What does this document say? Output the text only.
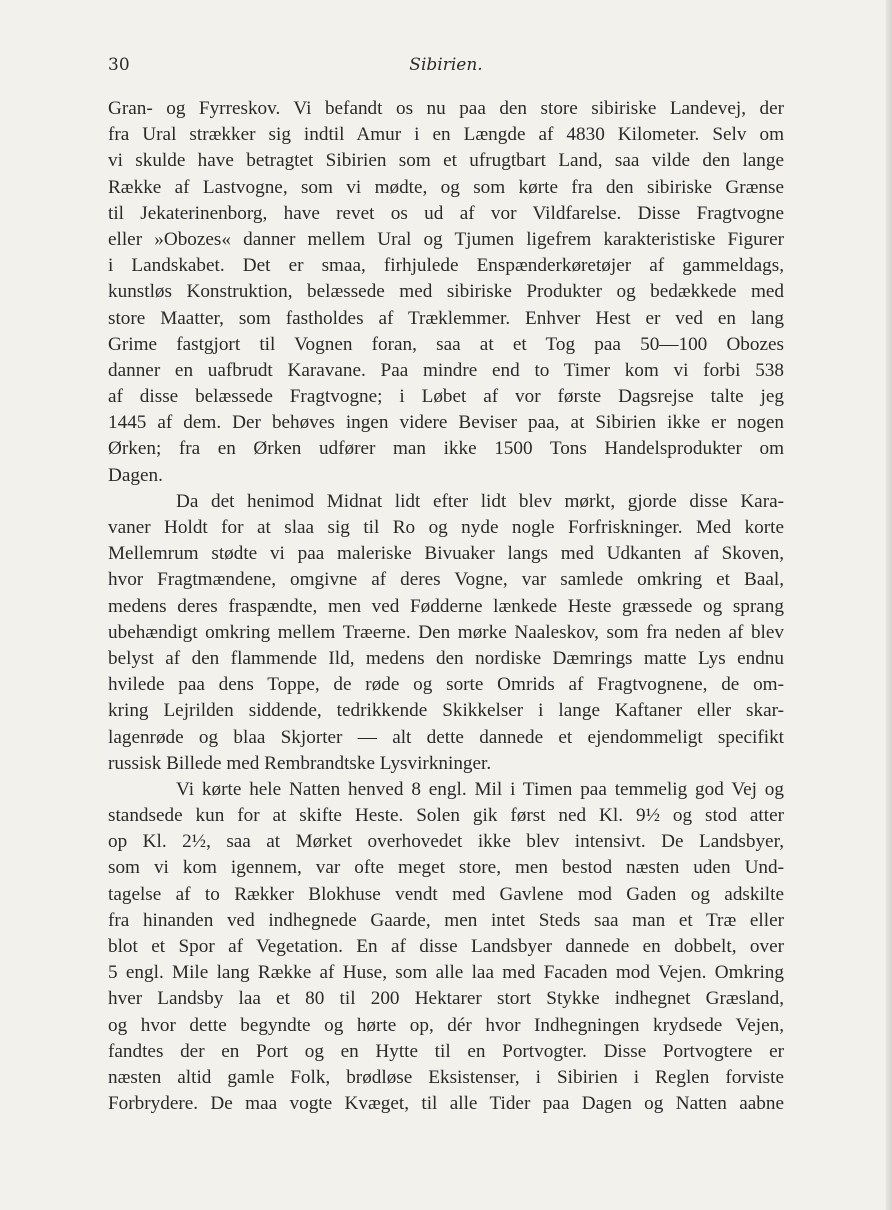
30	Sibirien.
Gran- og Fyrreskov. Vi befandt os nu paa den store sibiriske Landevej, der
fra Ural strækker sig indtil Amur i en Længde af 4830 Kilometer. Selv om
vi skulde have betragtet Sibirien som et ufrugtbart Land, saa vilde den lange
Række af Lastvogne, som vi mødte, og som kørte fra den sibiriske Grænse
til Jekaterinenborg, have revet os ud af vor Vildfarelse. Disse Fragtvogne
eller »Obozes« danner mellem Ural og Tjumen ligefrem karakteristiske Figurer
i Landskabet. Det er smaa, firhjulede Enspænderkøretøjer af gammeldags,
kunstløs Konstruktion, belæssede med sibiriske Produkter og bedækkede med
store Maatter, som fastholdes af Træklemmer. Enhver Hest er ved en lang
Grime fastgjort til Vognen foran, saa at et Tog paa 50—100 Obozes
danner en uafbrudt Karavane. Paa mindre end to Timer kom vi forbi 538
af disse belæssede Fragtvogne; i Løbet af vor første Dagsrejse talte jeg
1445 af dem. Der behøves ingen videre Beviser paa, at Sibirien ikke er nogen
Ørken; fra en Ørken udfører man ikke 1500 Tons Handelsprodukter om
Dagen.
Da det henimod Midnat lidt efter lidt blev mørkt, gjorde disse Kara-
vaner Holdt for at slaa sig til Ro og nyde nogle Forfriskninger. Med korte
Mellemrum stødte vi paa maleriske Bivuaker langs med Udkanten af Skoven,
hvor Fragtmændene, omgivne af deres Vogne, var samlede omkring et Baal,
medens deres fraspændte, men ved Fødderne lænkede Heste græssede og sprang
ubehændigt omkring mellem Træerne. Den mørke Naaleskov, som fra neden af blev
belyst af den flammende Ild, medens den nordiske Dæmrings matte Lys endnu
hvilede paa dens Toppe, de røde og sorte Omrids af Fragtvognene, de om-
kring Lejrilden siddende, tedrikkende Skikkelser i lange Kaftaner eller skar-
lagenrøde og blaa Skjorter — alt dette dannede et ejendommeligt specifikt
russisk Billede med Rembrandtske Lysvirkninger.
Vi kørte hele Natten henved 8 engl. Mil i Timen paa temmelig god Vej og
standsede kun for at skifte Heste. Solen gik først ned Kl. 9½ og stod atter
op Kl. 2½, saa at Mørket overhovedet ikke blev intensivt. De Landsbyer,
som vi kom igennem, var ofte meget store, men bestod næsten uden Und-
tagelse af to Rækker Blokhuse vendt med Gavlene mod Gaden og adskilte
fra hinanden ved indhegnede Gaarde, men intet Steds saa man et Træ eller
blot et Spor af Vegetation. En af disse Landsbyer dannede en dobbelt, over
5 engl. Mile lang Række af Huse, som alle laa med Facaden mod Vejen. Omkring
hver Landsby laa et 80 til 200 Hektarer stort Stykke indhegnet Græsland,
og hvor dette begyndte og hørte op, dér hvor Indhegningen krydsede Vejen,
fandtes der en Port og en Hytte til en Portvogter. Disse Portvogtere er
næsten altid gamle Folk, brødløse Eksistenser, i Sibirien i Reglen forviste
Forbrydere. De maa vogte Kvæget, til alle Tider paa Dagen og Natten aabne
